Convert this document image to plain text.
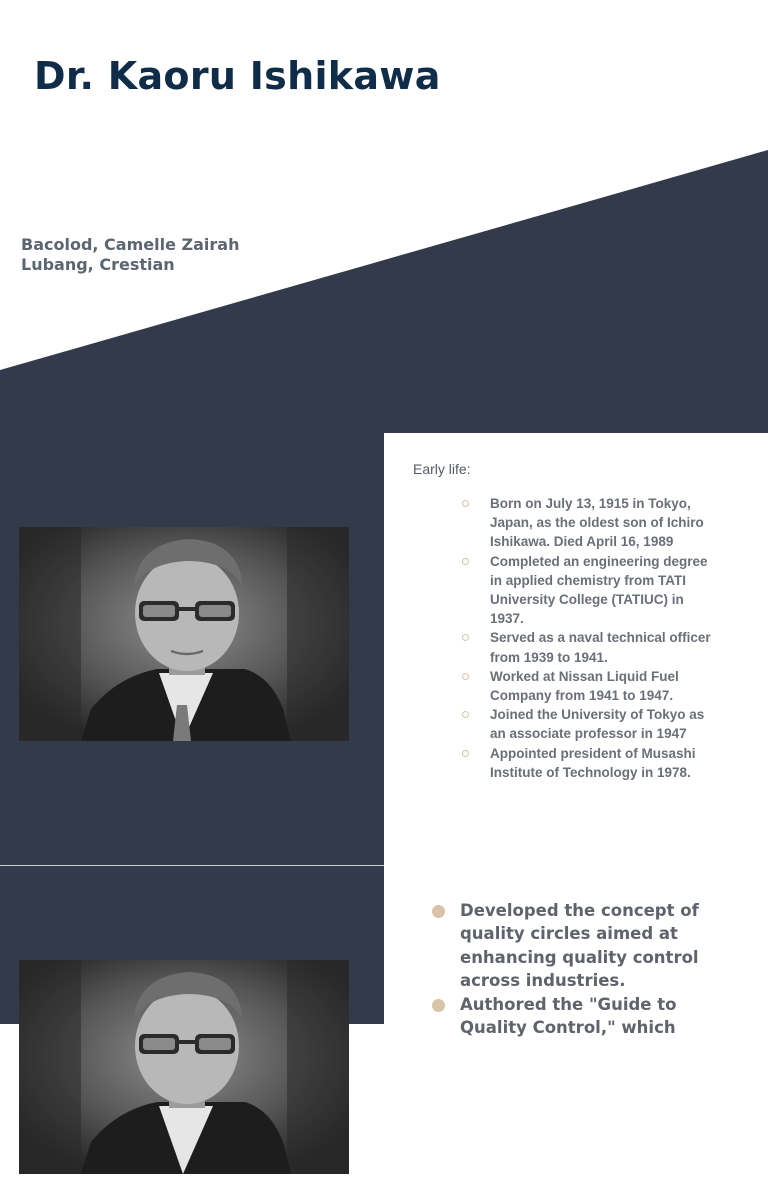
Dr. Kaoru Ishikawa
Bacolod, Camelle Zairah
Lubang, Crestian
Early life:
Born on July 13, 1915 in Tokyo, Japan, as the oldest son of Ichiro Ishikawa. Died April 16, 1989
Completed an engineering degree in applied chemistry from TATI University College (TATIUC) in 1937.
Served as a naval technical officer from 1939 to 1941.
Worked at Nissan Liquid Fuel Company from 1941 to 1947.
Joined the University of Tokyo as an associate professor in 1947
Appointed president of Musashi Institute of Technology in 1978.
Developed the concept of quality circles aimed at enhancing quality control across industries.
Authored the "Guide to Quality Control," which
